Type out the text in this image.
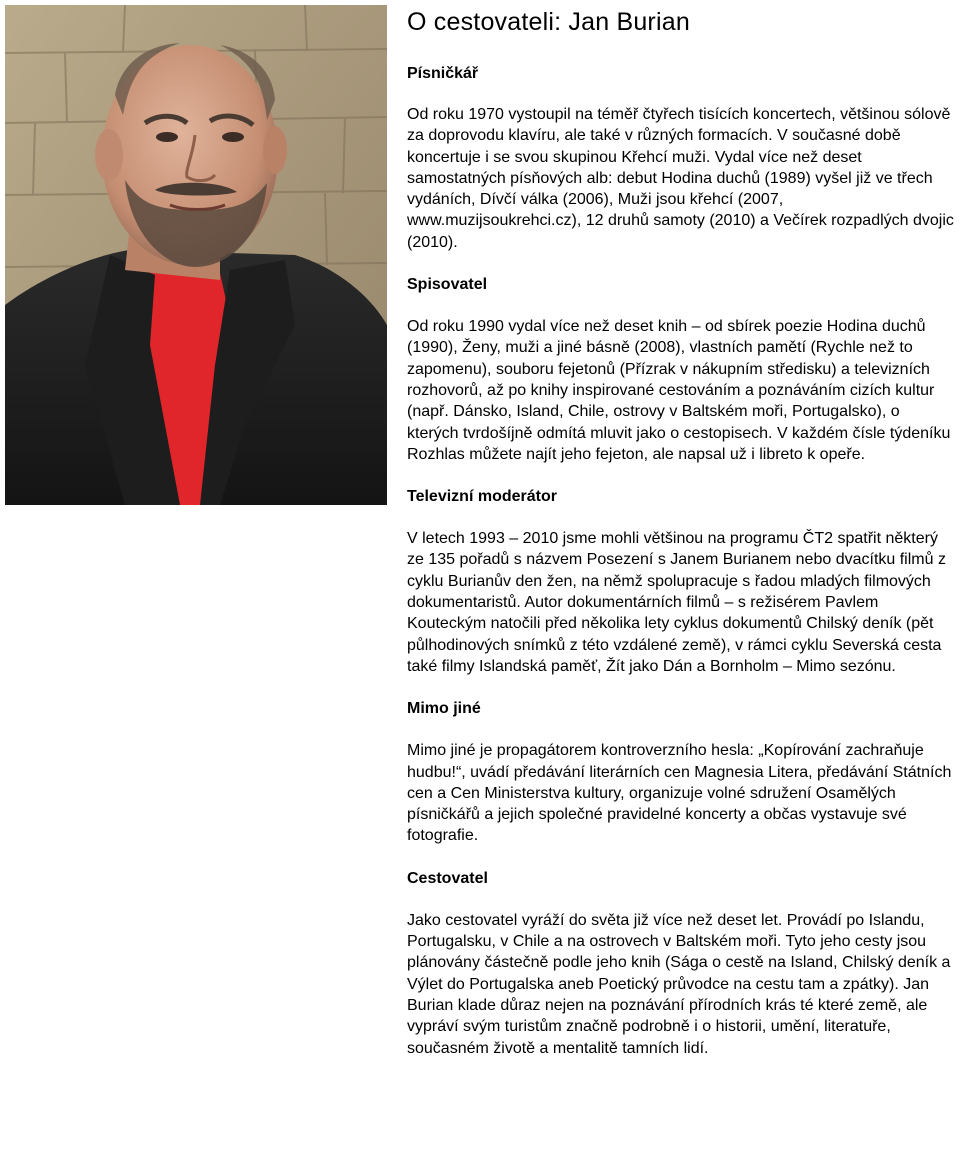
O cestovateli: Jan Burian
Písničkář

Od roku 1970 vystoupil na téměř čtyřech tisících koncertech, většinou sólově za doprovodu klavíru, ale také v různých formacích. V současné době koncertuje i se svou skupinou Křehcí muži. Vydal více než deset samostatných písňových alb: debut Hodina duchů (1989) vyšel již ve třech vydáních, Dívčí válka (2006), Muži jsou křehcí (2007, www.muzijsoukrehci.cz), 12 druhů samoty (2010) a Večírek rozpadlých dvojic (2010).

Spisovatel

Od roku 1990 vydal více než deset knih – od sbírek poezie Hodina duchů (1990), Ženy, muži a jiné básně (2008), vlastních pamětí (Rychle než to zapomenu), souboru fejetonů (Přízrak v nákupním středisku) a televizních rozhovorů, až po knihy inspirované cestováním a poznáváním cizích kultur (např. Dánsko, Island, Chile, ostrovy v Baltském moři, Portugalsko), o kterých tvrdošíjně odmítá mluvit jako o cestopisech. V každém čísle týdeníku Rozhlas můžete najít jeho fejeton, ale napsal už i libreto k opeře.

Televizní moderátor

V letech 1993 – 2010 jsme mohli většinou na programu ČT2 spatřit některý ze 135 pořadů s názvem Posezení s Janem Burianem nebo dvacítku filmů z cyklu Burianův den žen, na němž spolupracuje s řadou mladých filmových dokumentaristů. Autor dokumentárních filmů – s režisérem Pavlem Kouteckým natočili před několika lety cyklus dokumentů Chilský deník (pět půlhodinových snímků z této vzdálené země), v rámci cyklu Severská cesta také filmy Islandská paměť, Žít jako Dán a Bornholm – Mimo sezónu.

Mimo jiné

Mimo jiné je propagátorem kontroverzního hesla: „Kopírování zachraňuje hudbu!“, uvádí předávání literárních cen Magnesia Litera, předávání Státních cen a Cen Ministerstva kultury, organizuje volné sdružení Osamělých písničkářů a jejich společné pravidelné koncerty a občas vystavuje své fotografie.

Cestovatel

Jako cestovatel vyráží do světa již více než deset let. Provádí po Islandu, Portugalsku, v Chile a na ostrovech v Baltském moři. Tyto jeho cesty jsou plánovány částečně podle jeho knih (Sága o cestě na Island, Chilský deník a Výlet do Portugalska aneb Poetický průvodce na cestu tam a zpátky). Jan Burian klade důraz nejen na poznávání přírodních krás té které země, ale vypráví svým turistům značně podrobně i o historii, umění, literatuře, současném životě a mentalitě tamních lidí.
